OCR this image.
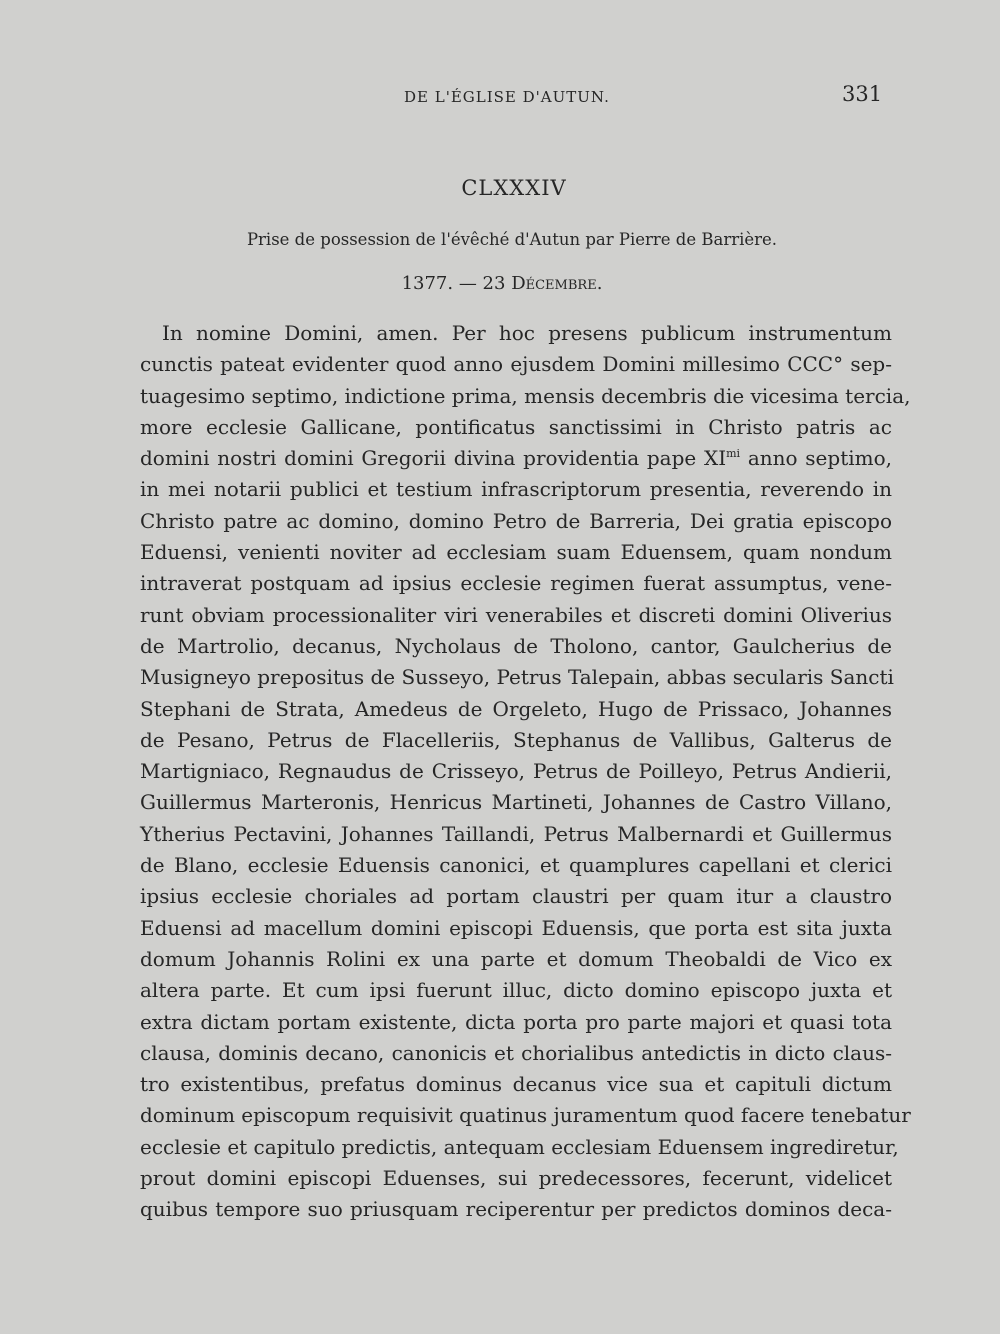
DE L'ÉGLISE D'AUTUN.	331
CLXXXIV
Prise de possession de l'évêché d'Autun par Pierre de Barrière.
1377. — 23 Décembre.
In nomine Domini, amen. Per hoc presens publicum instrumentum
cunctis pateat evidenter quod anno ejusdem Domini millesimo CCC° sep-
tuagesimo septimo, indictione prima, mensis decembris die vicesima tercia,
more ecclesie Gallicane, pontificatus sanctissimi in Christo patris ac
domini nostri domini Gregorii divina providentia pape $XI^{mi}$ anno septimo,
in mei notarii publici et testium infrascriptorum presentia, reverendo in
Christo patre ac domino, domino Petro de Barreria, Dei gratia episcopo
Eduensi, venienti noviter ad ecclesiam suam Eduensem, quam nondum
intraverat postquam ad ipsius ecclesie regimen fuerat assumptus, vene-
runt obviam processionaliter viri venerabiles et discreti domini Oliverius
de Martrolio, decanus, Nycholaus de Tholono, cantor, Gaulcherius de
Musigneyo prepositus de Susseyo, Petrus Talepain, abbas secularis Sancti
Stephani de Strata, Amedeus de Orgeleto, Hugo de Prissaco, Johannes
de Pesano, Petrus de Flacelleriis, Stephanus de Vallibus, Galterus de
Martigniaco, Regnaudus de Crisseyo, Petrus de Poilleyo, Petrus Andierii,
Guillermus Marteronis, Henricus Martineti, Johannes de Castro Villano,
Ytherius Pectavini, Johannes Taillandi, Petrus Malbernardi et Guillermus
de Blano, ecclesie Eduensis canonici, et quamplures capellani et clerici
ipsius ecclesie choriales ad portam claustri per quam itur a claustro
Eduensi ad macellum domini episcopi Eduensis, que porta est sita juxta
domum Johannis Rolini ex una parte et domum Theobaldi de Vico ex
altera parte. Et cum ipsi fuerunt illuc, dicto domino episcopo juxta et
extra dictam portam existente, dicta porta pro parte majori et quasi tota
clausa, dominis decano, canonicis et chorialibus antedictis in dicto claus-
tro existentibus, prefatus dominus decanus vice sua et capituli dictum
dominum episcopum requisivit quatinus juramentum quod facere tenebatur
ecclesie et capitulo predictis, antequam ecclesiam Eduensem ingrediretur,
prout domini episcopi Eduenses, sui predecessores, fecerunt, videlicet
quibus tempore suo priusquam reciperentur per predictos dominos deca-
